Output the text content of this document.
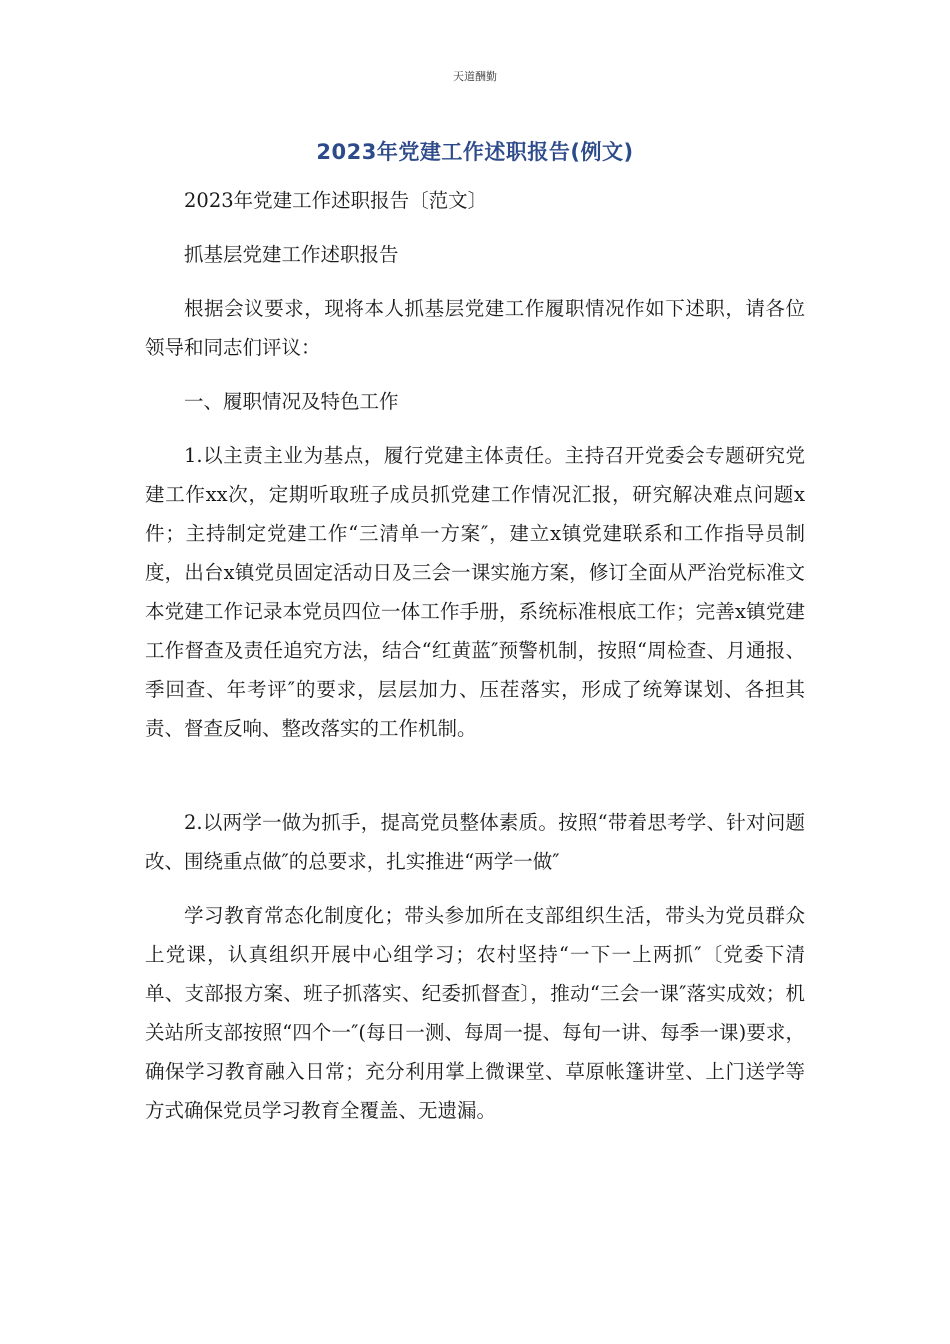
天道酬勤
2023年党建工作述职报告(例文)

2023年党建工作述职报告〔范文〕

抓基层党建工作述职报告

根据会议要求，现将本人抓基层党建工作履职情况作如下述职，请各位领导和同志们评议：

一、履职情况及特色工作

1.以主责主业为基点，履行党建主体责任。主持召开党委会专题研究党建工作xx次，定期听取班子成员抓党建工作情况汇报，研究解决难点问题x件；主持制定党建工作“三清单一方案″，建立x镇党建联系和工作指导员制度，出台x镇党员固定活动日及三会一课实施方案，修订全面从严治党标准文本党建工作记录本党员四位一体工作手册，系统标准根底工作；完善x镇党建工作督查及责任追究方法，结合“红黄蓝″预警机制，按照“周检查、月通报、季回查、年考评″的要求，层层加力、压茬落实，形成了统筹谋划、各担其责、督查反响、整改落实的工作机制。

2.以两学一做为抓手，提高党员整体素质。按照“带着思考学、针对问题改、围绕重点做″的总要求，扎实推进“两学一做″

学习教育常态化制度化；带头参加所在支部组织生活，带头为党员群众上党课，认真组织开展中心组学习；农村坚持“一下一上两抓″〔党委下清单、支部报方案、班子抓落实、纪委抓督查〕，推动“三会一课″落实成效；机关站所支部按照“四个一″(每日一测、每周一提、每旬一讲、每季一课)要求，确保学习教育融入日常；充分利用掌上微课堂、草原帐篷讲堂、上门送学等方式确保党员学习教育全覆盖、无遗漏。
